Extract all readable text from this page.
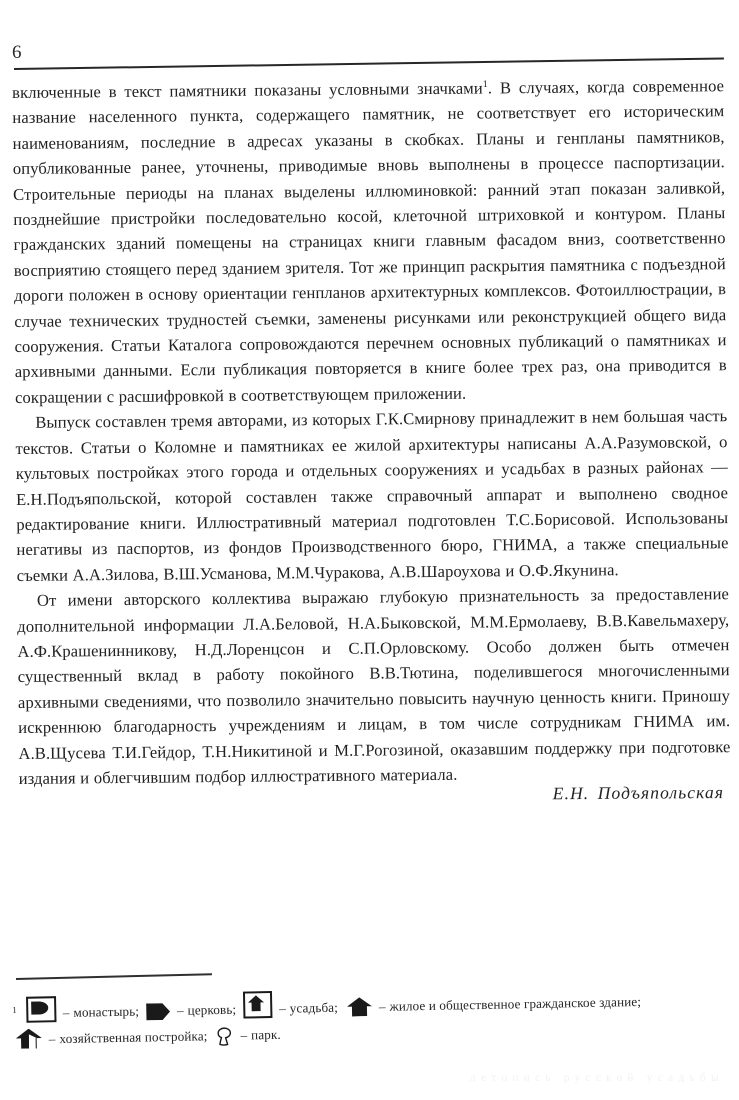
6

включенные в текст памятники показаны условными значками$^1$. В случаях, когда современное название населенного пункта, содержащего памятник, не соответствует его историческим наименованиям, последние в адресах указаны в скобках. Планы и генпланы памятников, опубликованные ранее, уточнены, приводимые вновь выполнены в процессе паспортизации. Строительные периоды на планах выделены иллюминовкой: ранний этап показан заливкой, позднейшие пристройки последовательно косой, клеточной штриховкой и контуром. Планы гражданских зданий помещены на страницах книги главным фасадом вниз, соответственно восприятию стоящего перед зданием зрителя. Тот же принцип раскрытия памятника с подъездной дороги положен в основу ориентации генпланов архитектурных комплексов. Фотоиллюстрации, в случае технических трудностей съемки, заменены рисунками или реконструкцией общего вида сооружения. Статьи Каталога сопровождаются перечнем основных публикаций о памятниках и архивными данными. Если публикация повторяется в книге более трех раз, она приводится в сокращении с расшифровкой в соответствующем приложении.

Выпуск составлен тремя авторами, из которых Г.К.Смирнову принадлежит в нем большая часть текстов. Статьи о Коломне и памятниках ее жилой архитектуры написаны А.А.Разумовской, о культовых постройках этого города и отдельных сооружениях и усадьбах в разных районах — Е.Н.Подъяпольской, которой составлен также справочный аппарат и выполнено сводное редактирование книги. Иллюстративный материал подготовлен Т.С.Борисовой. Использованы негативы из паспортов, из фондов Производственного бюро, ГНИМА, а также специальные съемки А.А.Зилова, В.Ш.Усманова, М.М.Чуракова, А.В.Шароухова и О.Ф.Якунина.

От имени авторского коллектива выражаю глубокую признательность за предоставление дополнительной информации Л.А.Беловой, Н.А.Быковской, М.М.Ермолаеву, В.В.Кавельмахеру, А.Ф.Крашенинникову, Н.Д.Лоренцсон и С.П.Орловскому. Особо должен быть отмечен существенный вклад в работу покойного В.В.Тютина, поделившегося многочисленными архивными сведениями, что позволило значительно повысить научную ценность книги. Приношу искреннюю благодарность учреждениям и лицам, в том числе сотрудникам ГНИМА им. А.В.Щусева Т.И.Гейдор, Т.Н.Никитиной и М.Г.Рогозиной, оказавшим поддержку при подготовке издания и облегчившим подбор иллюстративного материала.

Е.Н. Подъяпольская
$^1$	– монастырь;	– церковь;	– усадьба;	– жилое и общественное гражданское здание;
– хозяйственная постройка; – парк.
летопись русской усадьбы
